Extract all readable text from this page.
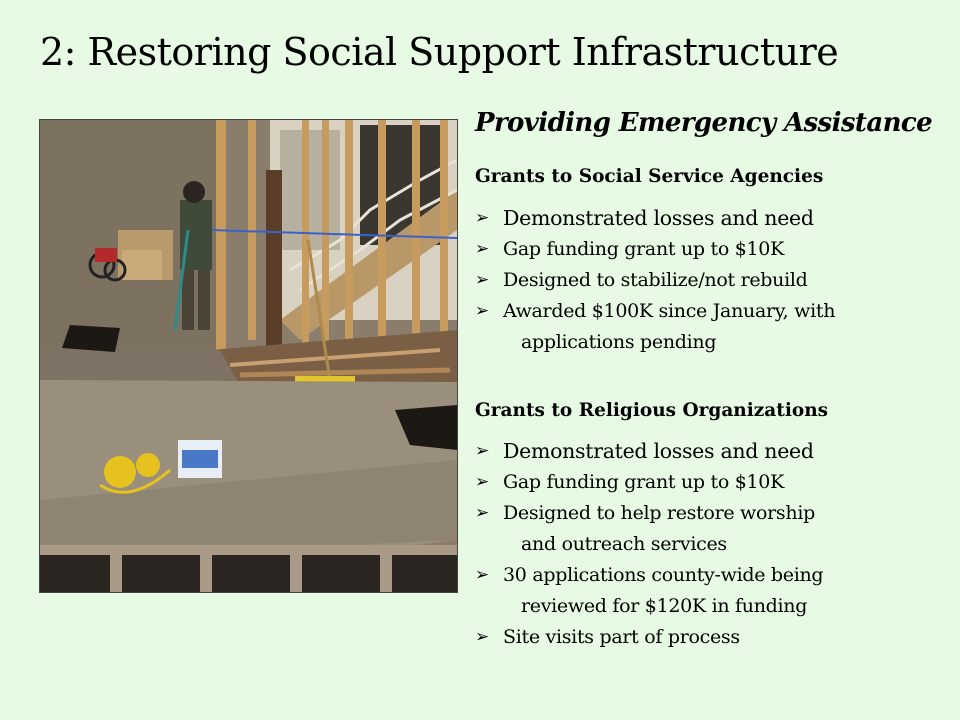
2: Restoring Social Support Infrastructure
Providing Emergency Assistance
Grants to Social Service Agencies
➢ Demonstrated losses and need
➢ Gap funding grant up to $10K
➢ Designed to stabilize/not rebuild
➢ Awarded $100K since January, with
applications pending
Grants to Religious Organizations
➢ Demonstrated losses and need
➢ Gap funding grant up to $10K
➢ Designed to help restore worship
and outreach services
➢ 30 applications county-wide being
reviewed for $120K in funding
➢ Site visits part of process
